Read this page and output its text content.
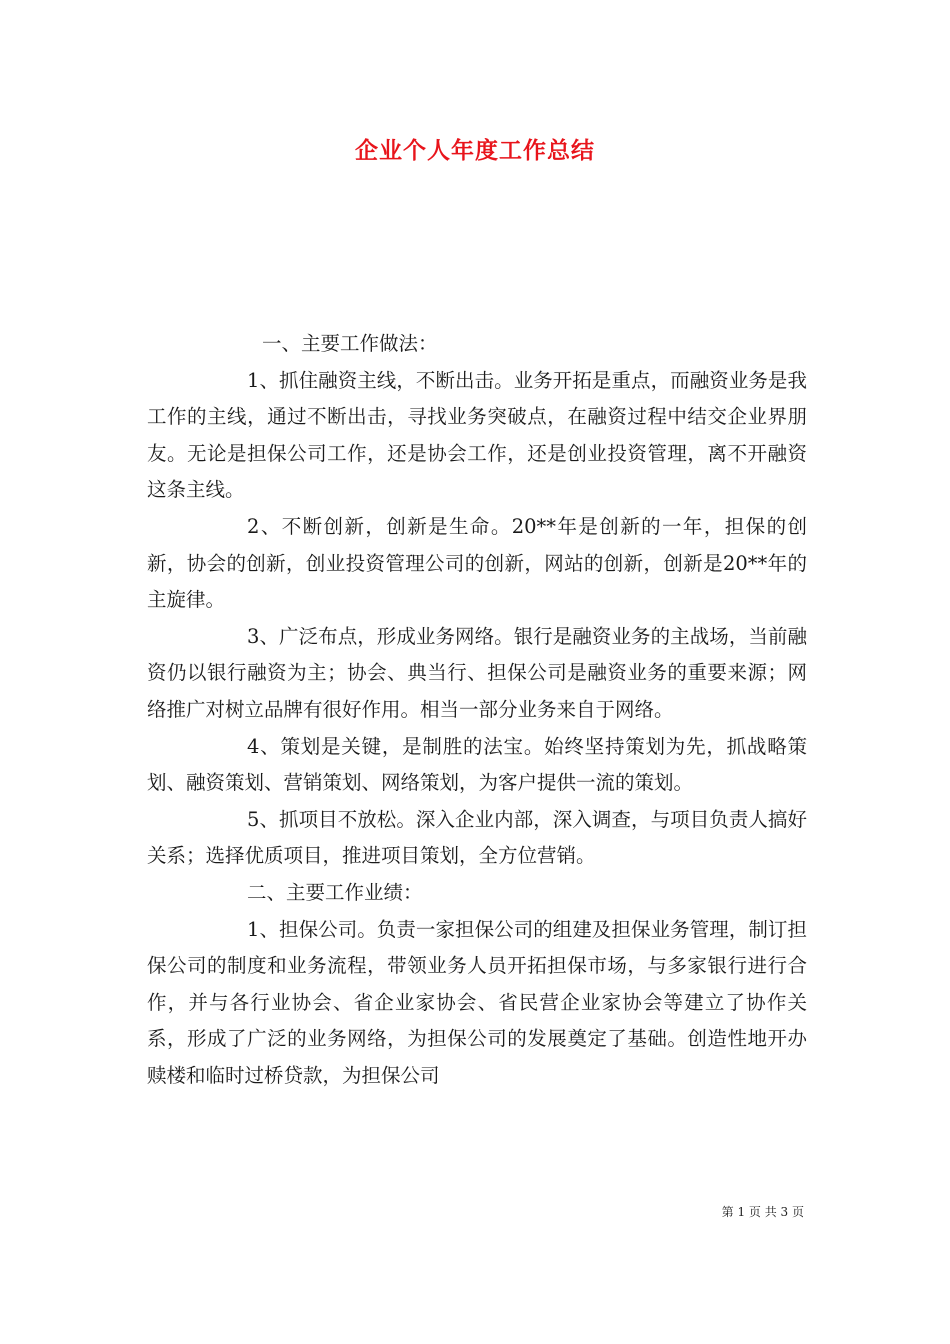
企业个人年度工作总结

一、主要工作做法：

1、抓住融资主线，不断出击。业务开拓是重点，而融资业务是我工作的主线，通过不断出击，寻找业务突破点，在融资过程中结交企业界朋友。无论是担保公司工作，还是协会工作，还是创业投资管理，离不开融资这条主线。

2、不断创新，创新是生命。20**年是创新的一年，担保的创新，协会的创新，创业投资管理公司的创新，网站的创新，创新是20**年的主旋律。

3、广泛布点，形成业务网络。银行是融资业务的主战场，当前融资仍以银行融资为主；协会、典当行、担保公司是融资业务的重要来源；网络推广对树立品牌有很好作用。相当一部分业务来自于网络。

4、策划是关键，是制胜的法宝。始终坚持策划为先，抓战略策划、融资策划、营销策划、网络策划，为客户提供一流的策划。

5、抓项目不放松。深入企业内部，深入调查，与项目负责人搞好关系；选择优质项目，推进项目策划，全方位营销。

二、主要工作业绩：

1、担保公司。负责一家担保公司的组建及担保业务管理，制订担保公司的制度和业务流程，带领业务人员开拓担保市场，与多家银行进行合作，并与各行业协会、省企业家协会、省民营企业家协会等建立了协作关系，形成了广泛的业务网络，为担保公司的发展奠定了基础。创造性地开办赎楼和临时过桥贷款，为担保公司

第 1 页 共 3 页
